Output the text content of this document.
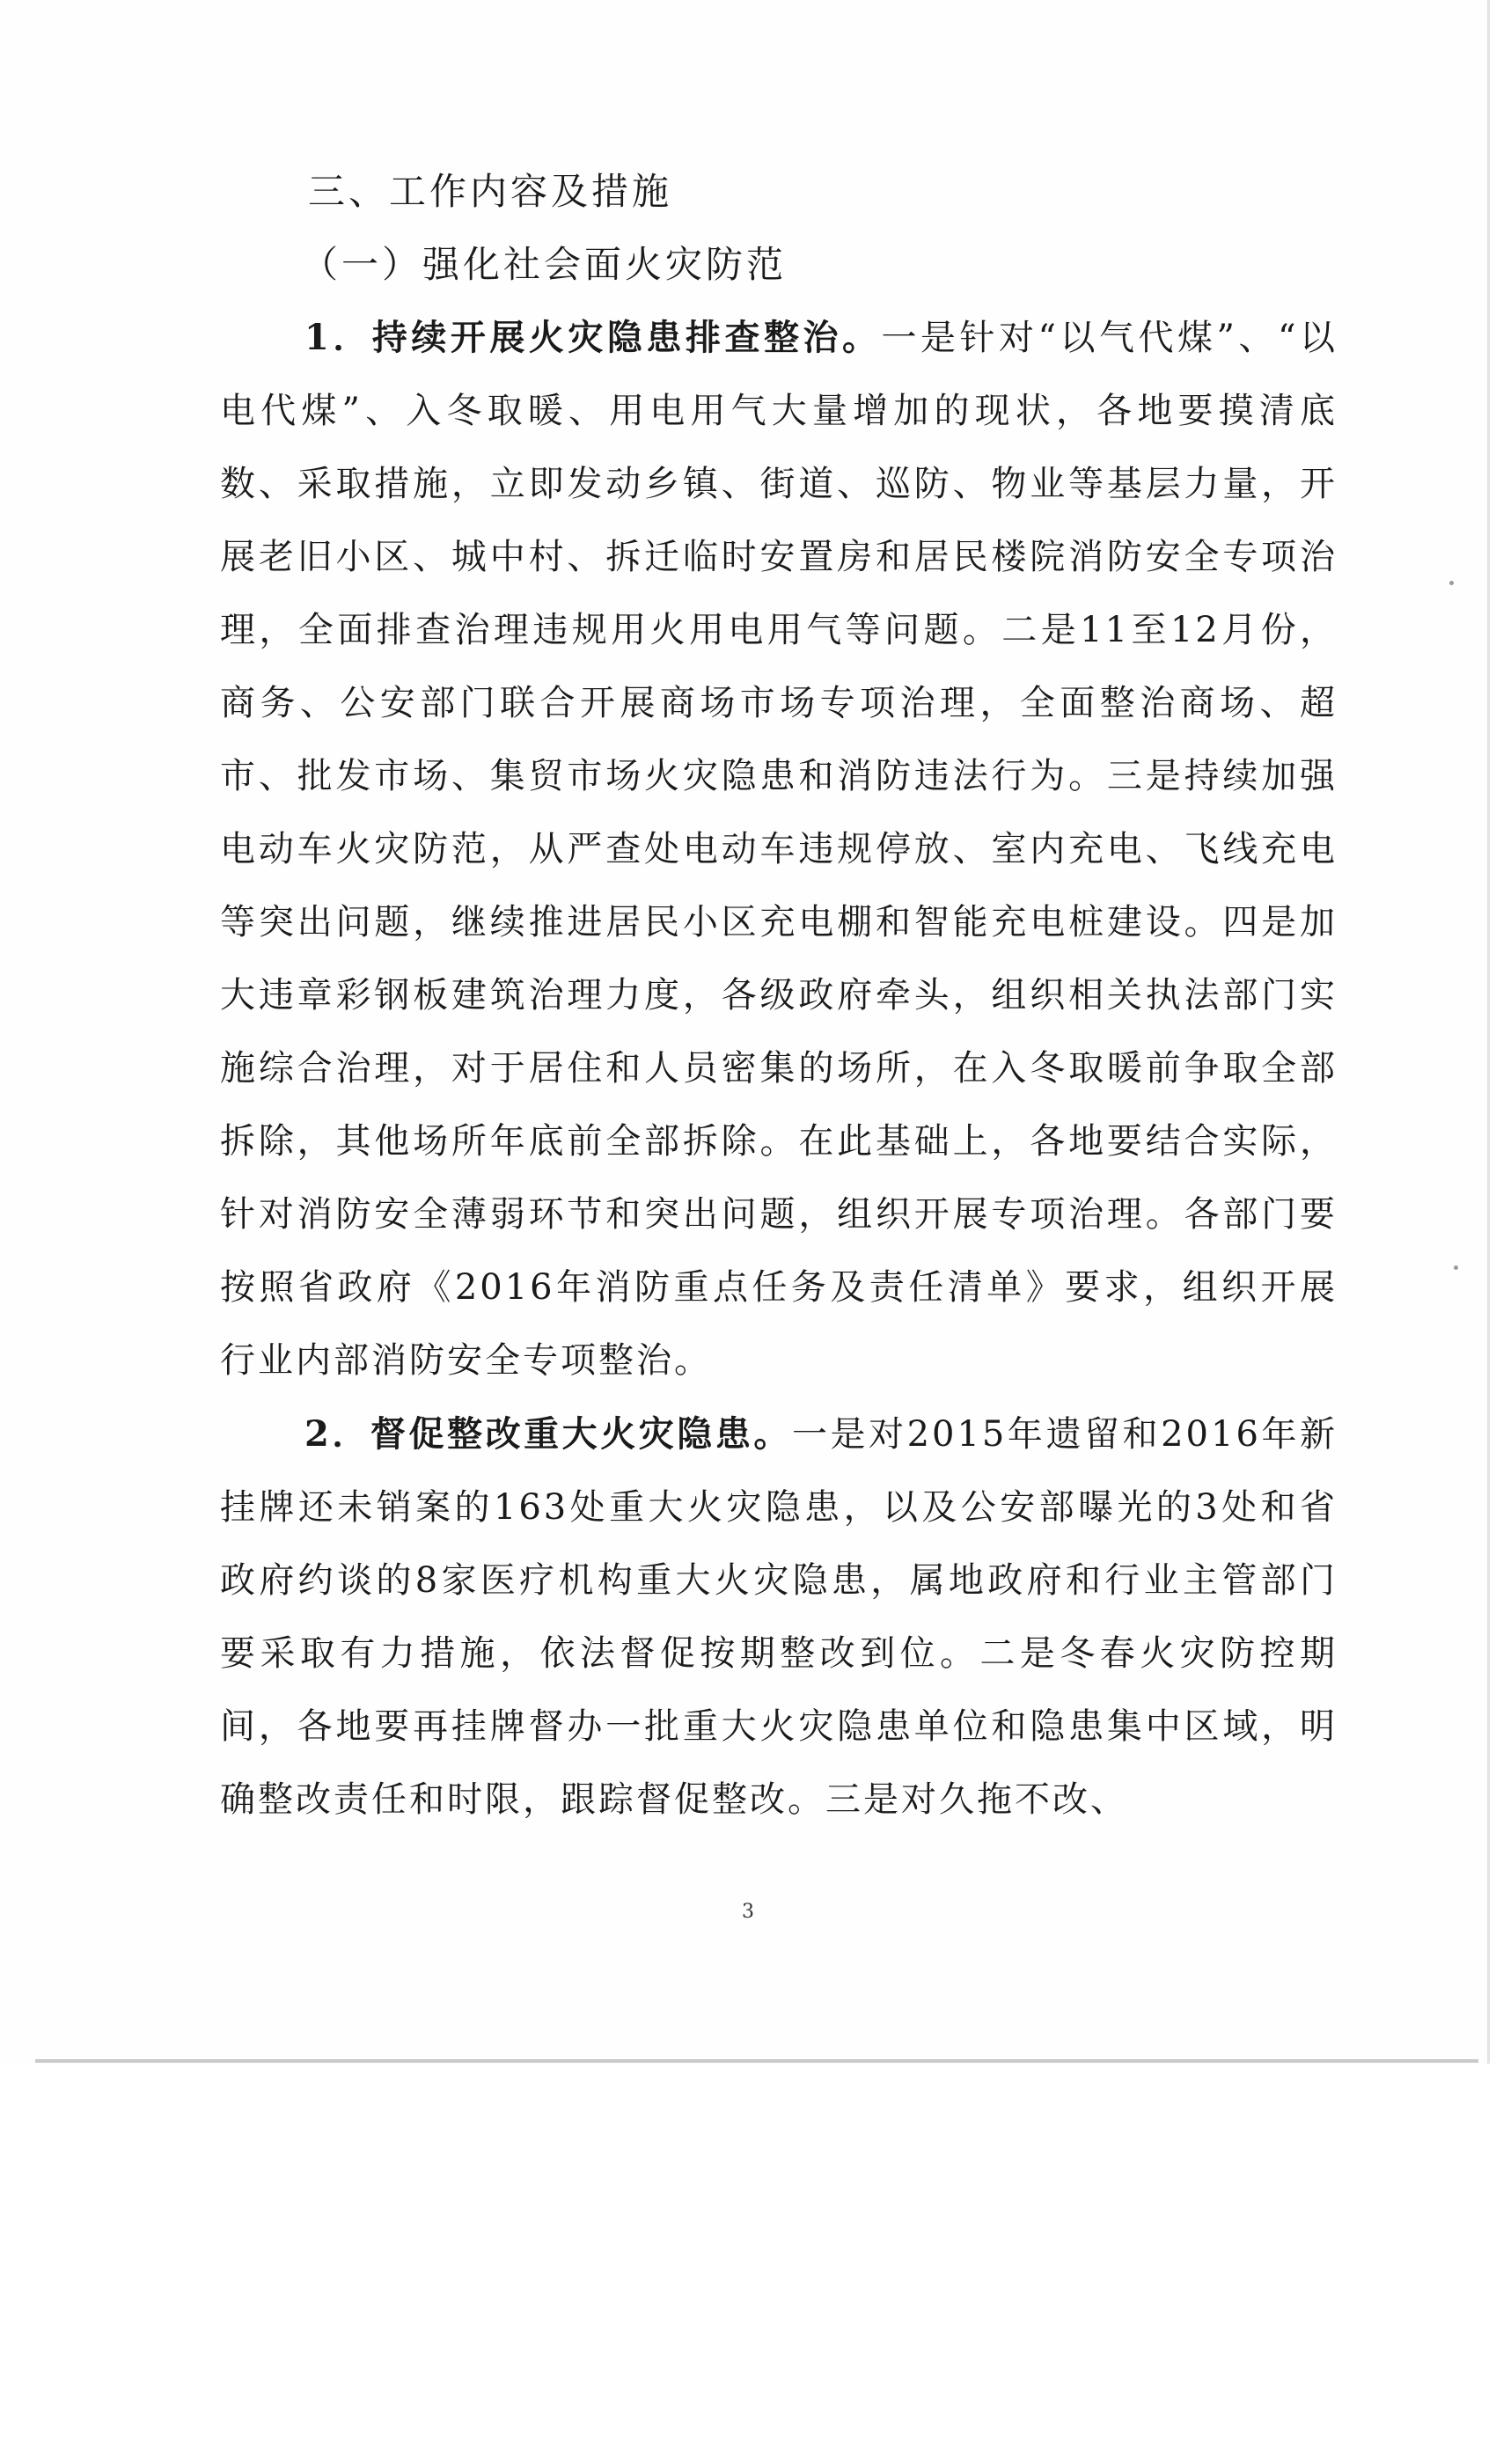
三、工作内容及措施

（一）强化社会面火灾防范

1．持续开展火灾隐患排查整治。一是针对“以气代煤”、“以电代煤”、入冬取暖、用电用气大量增加的现状，各地要摸清底数、采取措施，立即发动乡镇、街道、巡防、物业等基层力量，开展老旧小区、城中村、拆迁临时安置房和居民楼院消防安全专项治理，全面排查治理违规用火用电用气等问题。二是11至12月份，商务、公安部门联合开展商场市场专项治理，全面整治商场、超市、批发市场、集贸市场火灾隐患和消防违法行为。三是持续加强电动车火灾防范，从严查处电动车违规停放、室内充电、飞线充电等突出问题，继续推进居民小区充电棚和智能充电桩建设。四是加大违章彩钢板建筑治理力度，各级政府牵头，组织相关执法部门实施综合治理，对于居住和人员密集的场所，在入冬取暖前争取全部拆除，其他场所年底前全部拆除。在此基础上，各地要结合实际，针对消防安全薄弱环节和突出问题，组织开展专项治理。各部门要按照省政府《2016年消防重点任务及责任清单》要求，组织开展行业内部消防安全专项整治。

2．督促整改重大火灾隐患。一是对2015年遗留和2016年新挂牌还未销案的163处重大火灾隐患，以及公安部曝光的3处和省政府约谈的8家医疗机构重大火灾隐患，属地政府和行业主管部门要采取有力措施，依法督促按期整改到位。二是冬春火灾防控期间，各地要再挂牌督办一批重大火灾隐患单位和隐患集中区域，明确整改责任和时限，跟踪督促整改。三是对久拖不改、

3
